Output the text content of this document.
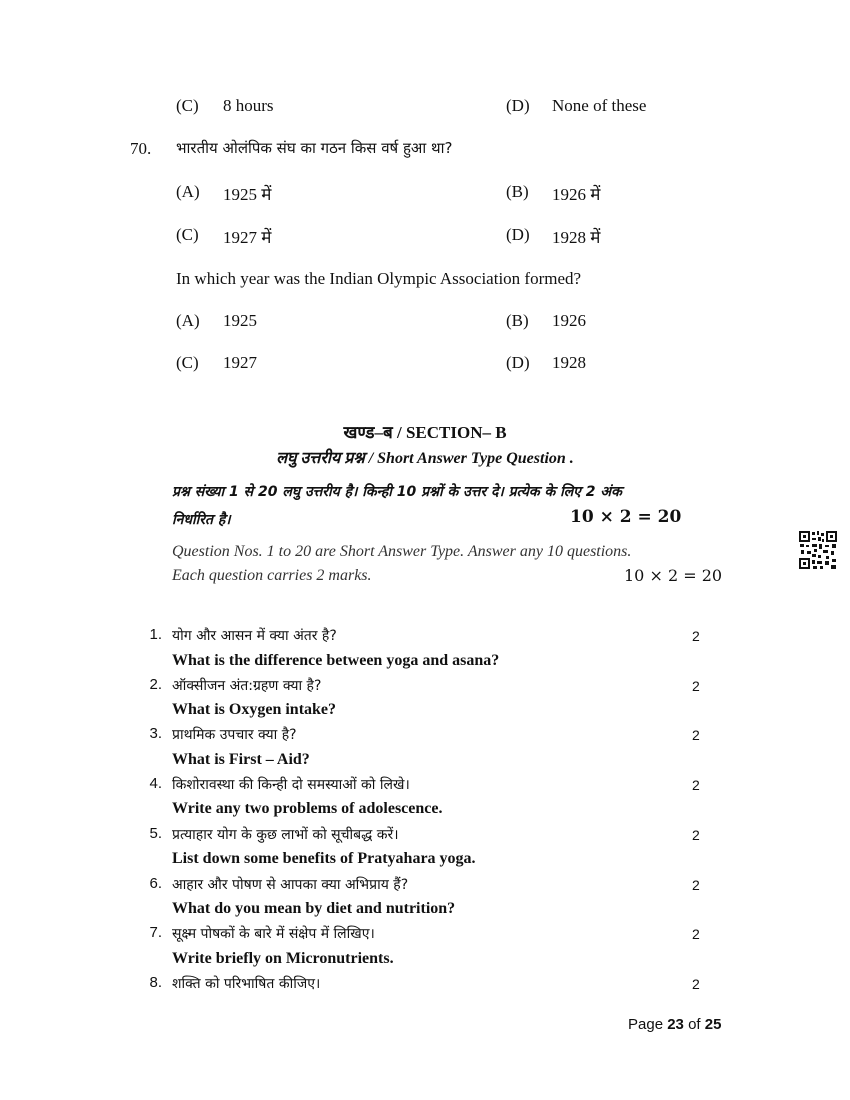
(C) 8 hours	(D) None of these
70. भारतीय ओलंपिक संघ का गठन किस वर्ष हुआ था?
(A) 1925 में	(B) 1926 में
(C) 1927 में	(D) 1928 में
In which year was the Indian Olympic Association formed?
(A) 1925	(B) 1926
(C) 1927	(D) 1928
खण्ड–ब / SECTION– B
लघु उत्तरीय प्रश्न / Short Answer Type Question .
प्रश्न संख्या 1 से 20 लघु उत्तरीय है। किन्ही 10 प्रश्नों के उत्तर दे। प्रत्येक के लिए 2 अंक
निर्धारित है।	10 × 2 = 20
Question Nos. 1 to 20 are Short Answer Type. Answer any 10 questions.
Each question carries 2 marks.	10 × 2 = 20
1. योग और आसन में क्या अंतर है?	2
What is the difference between yoga and asana?
2. ऑक्सीजन अंत:ग्रहण क्या है?	2
What is Oxygen intake?
3. प्राथमिक उपचार क्या है?	2
What is First – Aid?
4. किशोरावस्था की किन्ही दो समस्याओं को लिखे।	2
Write any two problems of adolescence.
5. प्रत्याहार योग के कुछ लाभों को सूचीबद्ध करें।	2
List down some benefits of Pratyahara yoga.
6. आहार और पोषण से आपका क्या अभिप्राय हैं?	2
What do you mean by diet and nutrition?
7. सूक्ष्म पोषकों के बारे में संक्षेप में लिखिए।	2
Write briefly on Micronutrients.
8. शक्ति को परिभाषित कीजिए।	2
Page 23 of 25
